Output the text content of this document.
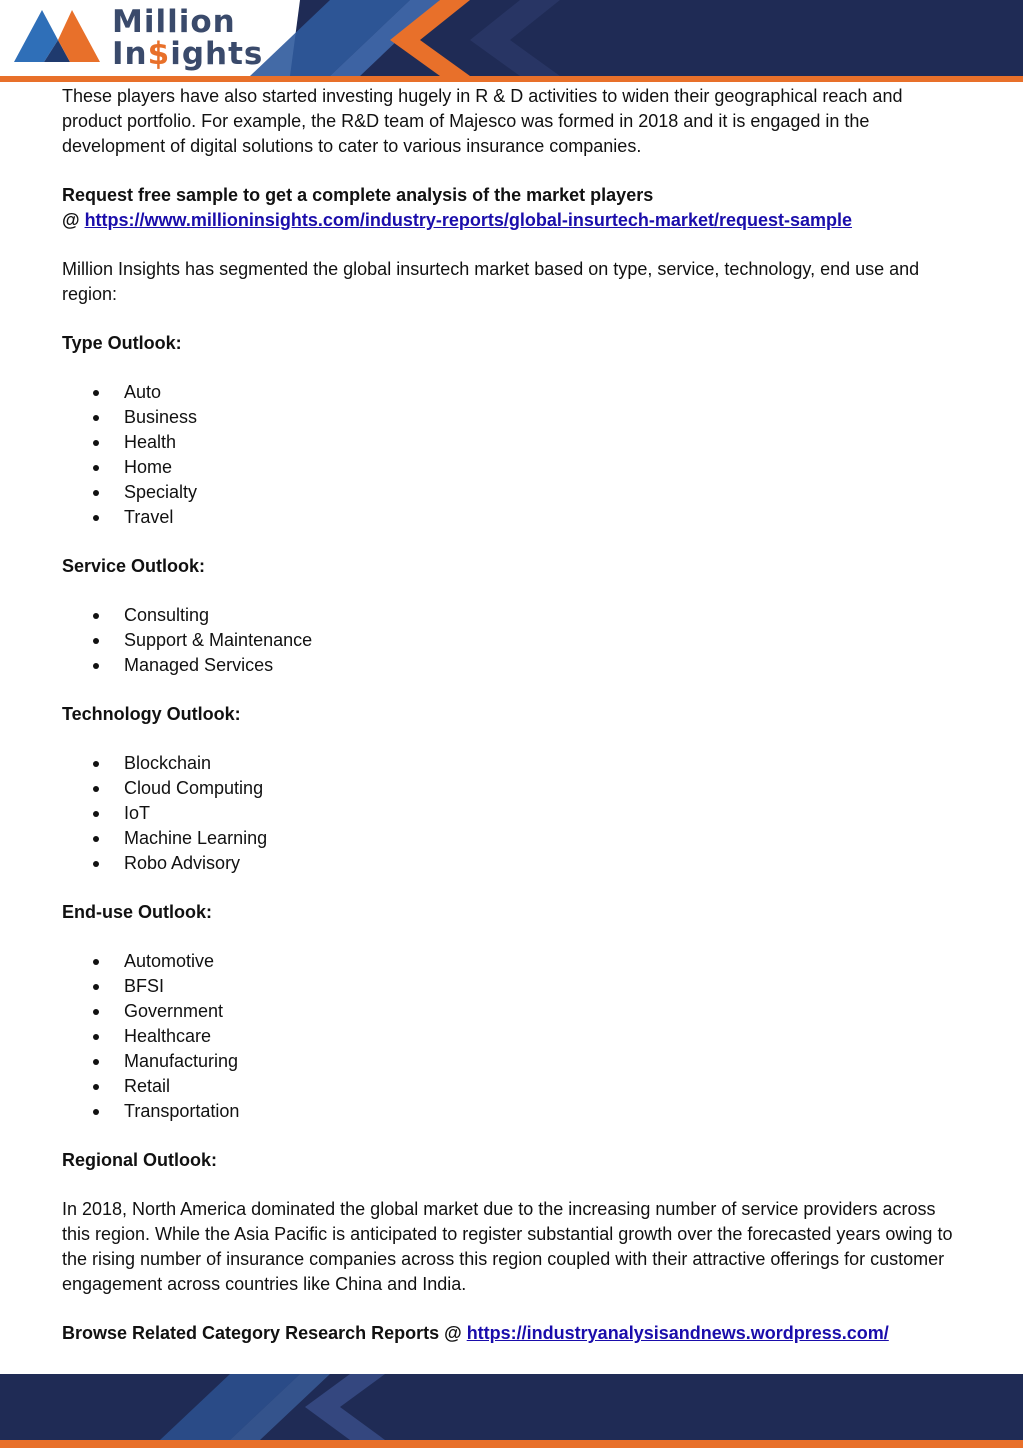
Million
In$ights

These players have also started investing hugely in R & D activities to widen their geographical reach and product portfolio. For example, the R&D team of Majesco was formed in 2018 and it is engaged in the development of digital solutions to cater to various insurance companies.

Request free sample to get a complete analysis of the market players

@ https://www.millioninsights.com/industry-reports/global-insurtech-market/request-sample

Million Insights has segmented the global insurtech market based on type, service, technology, end use and region:

Type Outlook:

Auto
Business
Health
Home
Specialty
Travel

Service Outlook:

Consulting
Support & Maintenance
Managed Services

Technology Outlook:

Blockchain
Cloud Computing
IoT
Machine Learning
Robo Advisory

End-use Outlook:

Automotive
BFSI
Government
Healthcare
Manufacturing
Retail
Transportation

Regional Outlook:

In 2018, North America dominated the global market due to the increasing number of service providers across this region. While the Asia Pacific is anticipated to register substantial growth over the forecasted years owing to the rising number of insurance companies across this region coupled with their attractive offerings for customer engagement across countries like China and India.

Browse Related Category Research Reports @ https://industryanalysisandnews.wordpress.com/
